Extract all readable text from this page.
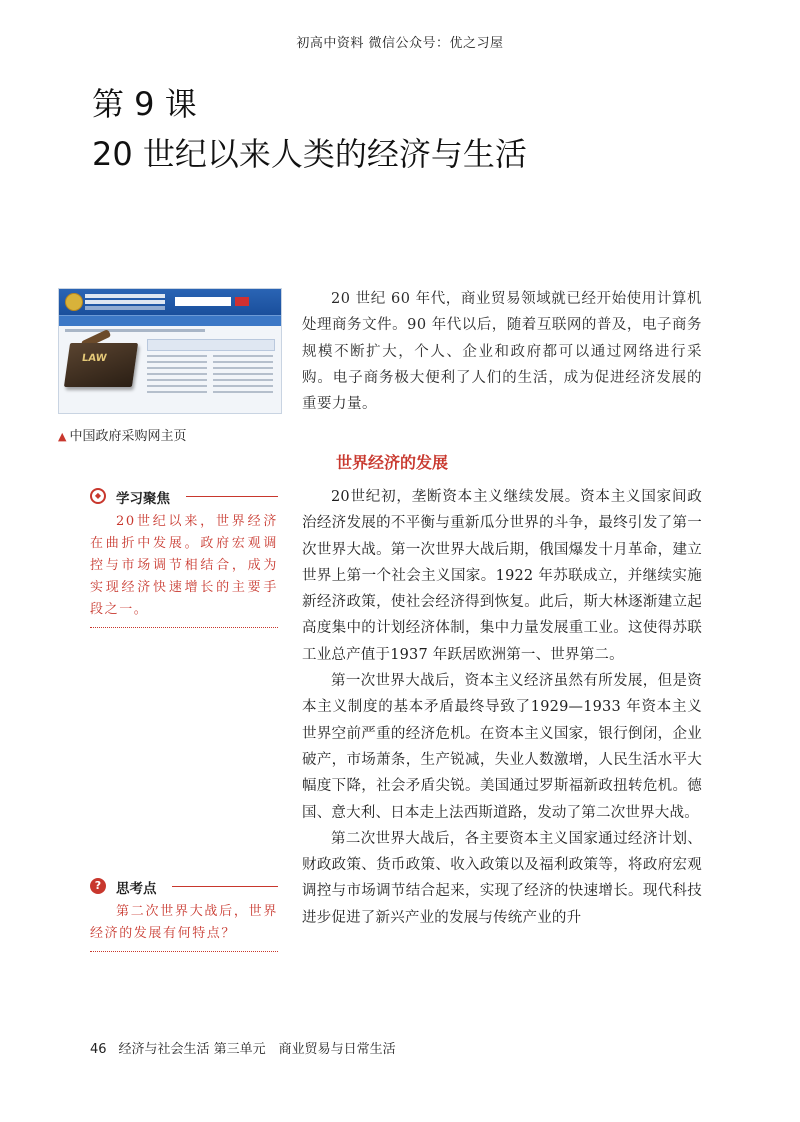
初高中资料 微信公众号：优之习屋
第 9 课
20 世纪以来人类的经济与生活
LAW
▲ 中国政府采购网主页

20 世纪 60 年代，商业贸易领域就已经开始使用计算机处理商务文件。90 年代以后，随着互联网的普及，电子商务规模不断扩大，个人、企业和政府都可以通过网络进行采购。电子商务极大便利了人们的生活，成为促进经济发展的重要力量。

世界经济的发展

20世纪初，垄断资本主义继续发展。资本主义国家间政治经济发展的不平衡与重新瓜分世界的斗争，最终引发了第一次世界大战。第一次世界大战后期，俄国爆发十月革命，建立世界上第一个社会主义国家。1922 年苏联成立，并继续实施新经济政策，使社会经济得到恢复。此后，斯大林逐渐建立起高度集中的计划经济体制，集中力量发展重工业。这使得苏联工业总产值于1937 年跃居欧洲第一、世界第二。

第一次世界大战后，资本主义经济虽然有所发展，但是资本主义制度的基本矛盾最终导致了1929—1933 年资本主义世界空前严重的经济危机。在资本主义国家，银行倒闭，企业破产，市场萧条，生产锐减，失业人数激增，人民生活水平大幅度下降，社会矛盾尖锐。美国通过罗斯福新政扭转危机。德国、意大利、日本走上法西斯道路，发动了第二次世界大战。

第二次世界大战后，各主要资本主义国家通过经济计划、财政政策、货币政策、收入政策以及福利政策等，将政府宏观调控与市场调节结合起来，实现了经济的快速增长。现代科技进步促进了新兴产业的发展与传统产业的升

◆	学习聚焦

20世纪以来，世界经济在曲折中发展。政府宏观调控与市场调节相结合，成为实现经济快速增长的主要手段之一。

?	思考点

第二次世界大战后，世界经济的发展有何特点？

46 经济与社会生活 第三单元　商业贸易与日常生活
